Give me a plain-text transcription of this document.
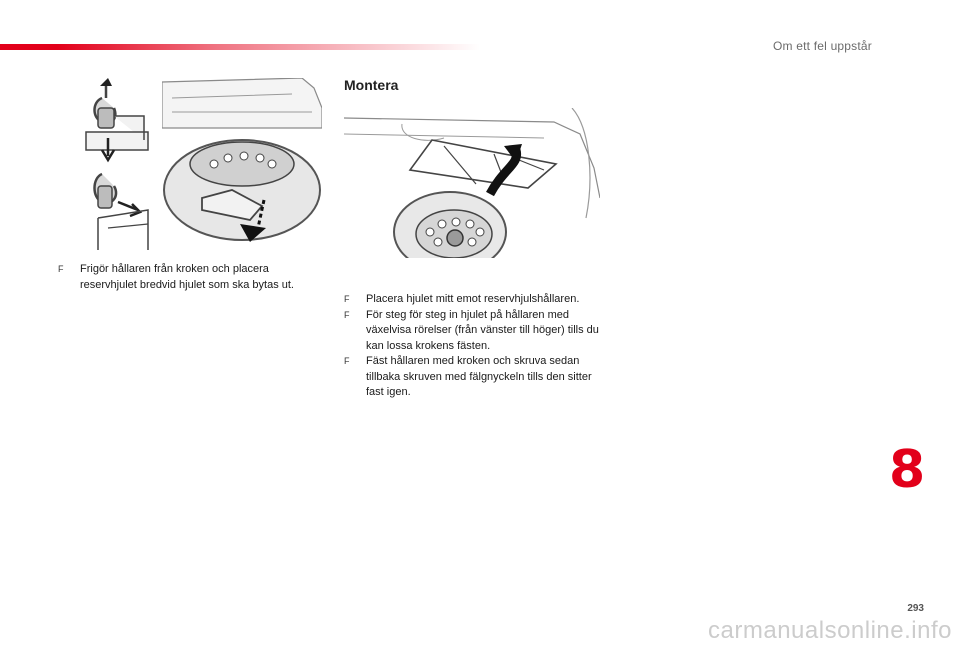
Om ett fel uppstår
F Frigör hållaren från kroken och placera reservhjulet bredvid hjulet som ska bytas ut.
Montera
F Placera hjulet mitt emot reservhjulshållaren.
F För steg för steg in hjulet på hållaren med växelvisa rörelser (från vänster till höger) tills du kan lossa krokens fästen.
F Fäst hållaren med kroken och skruva sedan tillbaka skruven med fälgnyckeln tills den sitter fast igen.
8
293
carmanualsonline.info
